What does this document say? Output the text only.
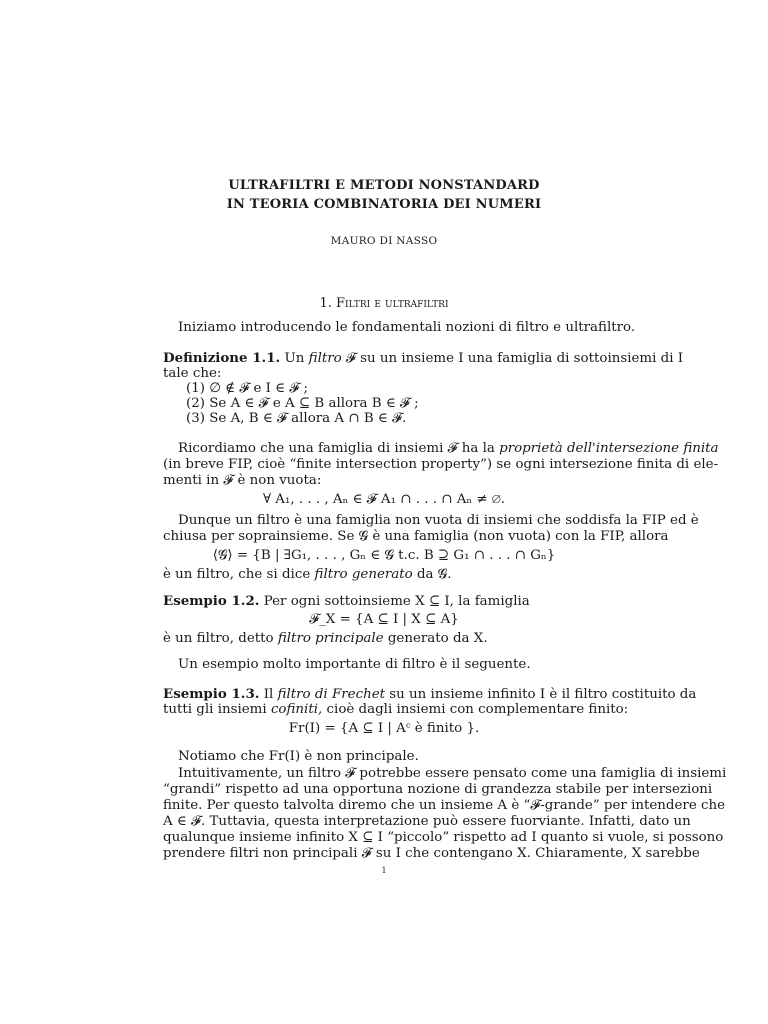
ULTRAFILTRI E METODI NONSTANDARD
IN TEORIA COMBINATORIA DEI NUMERI
MAURO DI NASSO
1. Filtri e ultrafiltri
Iniziamo introducendo le fondamentali nozioni di filtro e ultrafiltro.
Definizione 1.1. Un filtro 𝓕 su un insieme I una famiglia di sottoinsiemi di I
tale che:
(1) ∅ ∉ 𝓕 e I ∈ 𝓕 ;
(2) Se A ∈ 𝓕 e A ⊆ B allora B ∈ 𝓕 ;
(3) Se A, B ∈ 𝓕 allora A ∩ B ∈ 𝓕.
Ricordiamo che una famiglia di insiemi 𝓕 ha la proprietà dell'intersezione finita
(in breve FIP, cioè “finite intersection property”) se ogni intersezione finita di ele-
menti in 𝓕 è non vuota:
∀ A₁, . . . , Aₙ ∈ 𝓕 A₁ ∩ . . . ∩ Aₙ ≠ ∅.
Dunque un filtro è una famiglia non vuota di insiemi che soddisfa la FIP ed è
chiusa per soprainsieme. Se 𝓖 è una famiglia (non vuota) con la FIP, allora
⟨𝓖⟩ = {B | ∃G₁, . . . , Gₙ ∈ 𝓖 t.c. B ⊇ G₁ ∩ . . . ∩ Gₙ}
è un filtro, che si dice filtro generato da 𝓖.
Esempio 1.2. Per ogni sottoinsieme X ⊆ I, la famiglia
𝓕_X = {A ⊆ I | X ⊆ A}
è un filtro, detto filtro principale generato da X.
Un esempio molto importante di filtro è il seguente.
Esempio 1.3. Il filtro di Frechet su un insieme infinito I è il filtro costituito da
tutti gli insiemi cofiniti, cioè dagli insiemi con complementare finito:
Fr(I) = {A ⊆ I | Aᶜ è finito }.
Notiamo che Fr(I) è non principale.
Intuitivamente, un filtro 𝓕 potrebbe essere pensato come una famiglia di insiemi
“grandi” rispetto ad una opportuna nozione di grandezza stabile per intersezioni
finite. Per questo talvolta diremo che un insieme A è “𝓕-grande” per intendere che
A ∈ 𝓕. Tuttavia, questa interpretazione può essere fuorviante. Infatti, dato un
qualunque insieme infinito X ⊆ I “piccolo” rispetto ad I quanto si vuole, si possono
prendere filtri non principali 𝓕 su I che contengano X. Chiaramente, X sarebbe
1
